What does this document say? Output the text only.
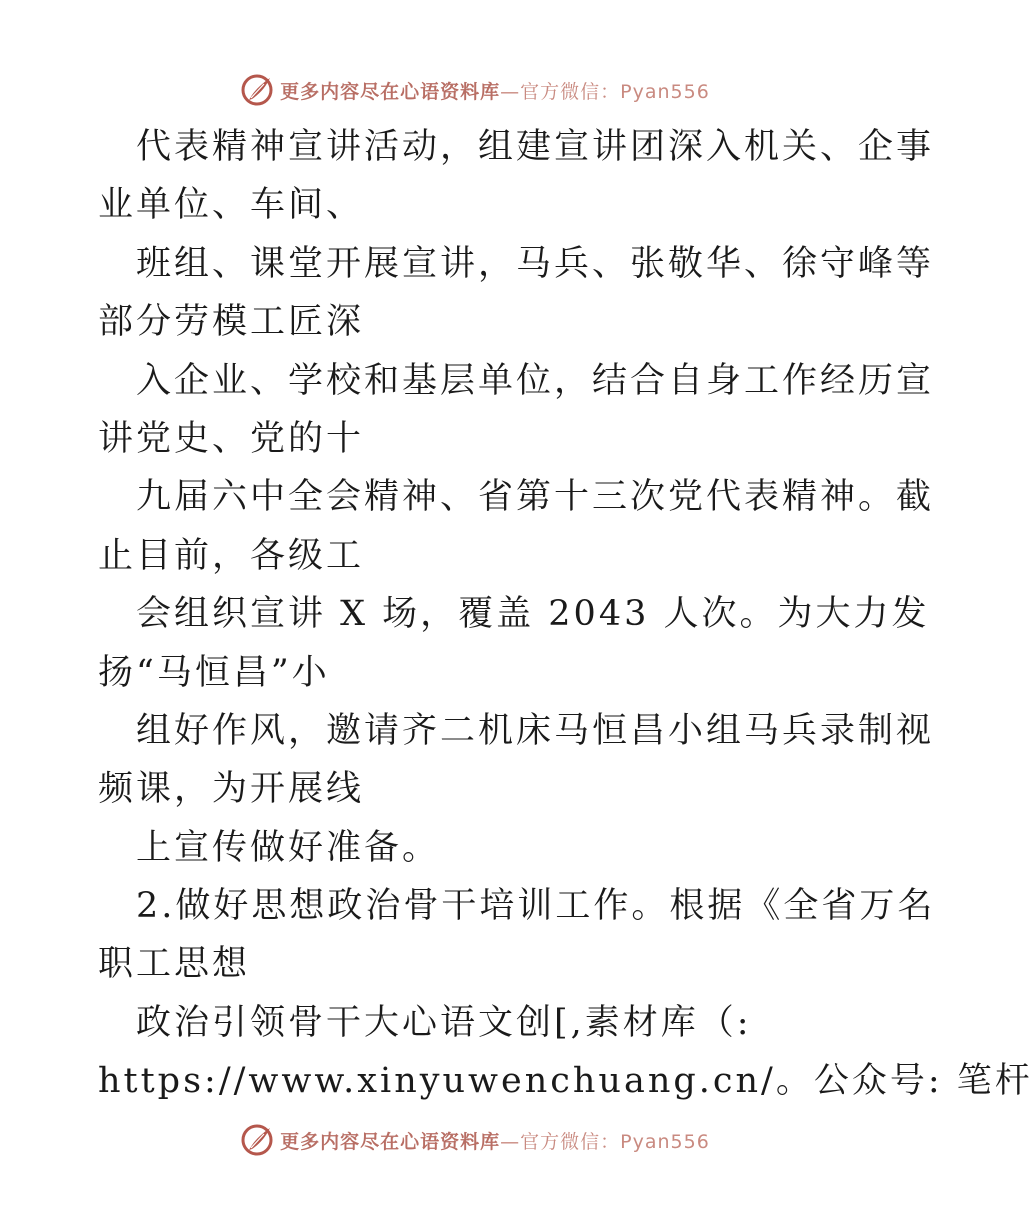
更多内容尽在心语资料库—官方微信：Pyan556
代表精神宣讲活动，组建宣讲团深入机关、企事
业单位、车间、
班组、课堂开展宣讲，马兵、张敬华、徐守峰等
部分劳模工匠深
入企业、学校和基层单位，结合自身工作经历宣
讲党史、党的十
九届六中全会精神、省第十三次党代表精神。截
止目前，各级工
会组织宣讲 X 场，覆盖 2043 人次。为大力发
扬“马恒昌”小
组好作风，邀请齐二机床马恒昌小组马兵录制视
频课，为开展线
上宣传做好准备。
2.做好思想政治骨干培训工作。根据《全省万名
职工思想
政治引领骨干大心语文创[,素材库（:
https://www.xinyuwenchuang.cn/。公众号: 笔杆
更多内容尽在心语资料库—官方微信：Pyan556
